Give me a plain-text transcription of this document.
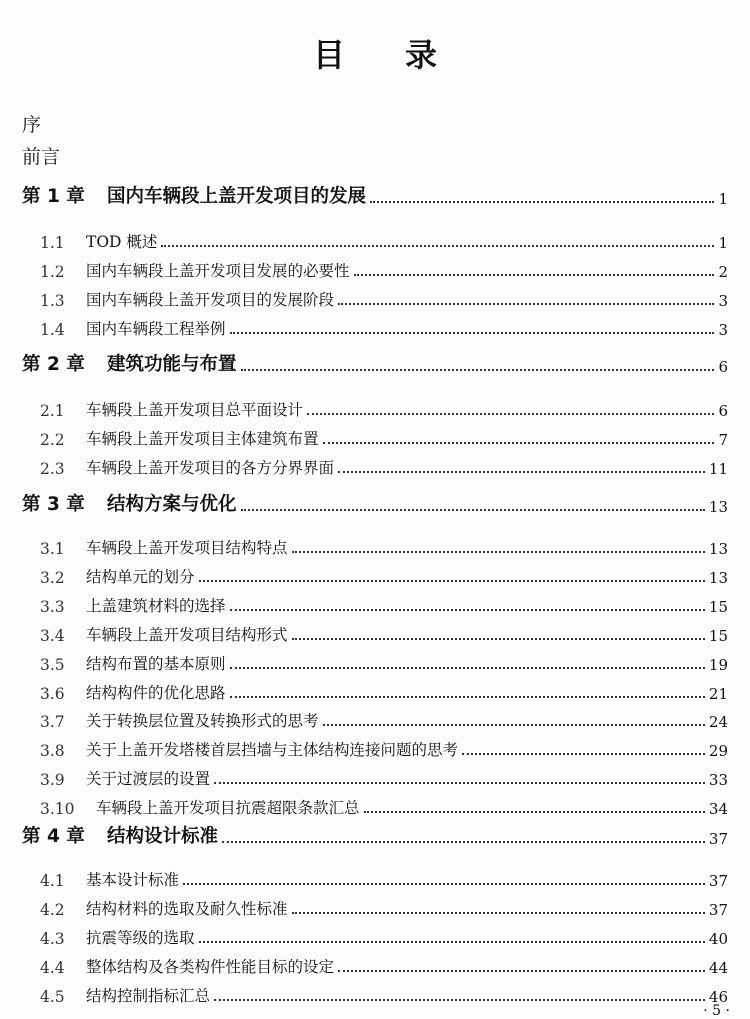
目 录
序
前言
第 1 章	国内车辆段上盖开发项目的发展	1
1.1	TOD 概述	1
1.2	国内车辆段上盖开发项目发展的必要性	2
1.3	国内车辆段上盖开发项目的发展阶段	3
1.4	国内车辆段工程举例	3
第 2 章	建筑功能与布置	6
2.1	车辆段上盖开发项目总平面设计	6
2.2	车辆段上盖开发项目主体建筑布置	7
2.3	车辆段上盖开发项目的各方分界界面	11
第 3 章	结构方案与优化	13
3.1	车辆段上盖开发项目结构特点	13
3.2	结构单元的划分	13
3.3	上盖建筑材料的选择	15
3.4	车辆段上盖开发项目结构形式	15
3.5	结构布置的基本原则	19
3.6	结构构件的优化思路	21
3.7	关于转换层位置及转换形式的思考	24
3.8	关于上盖开发塔楼首层挡墙与主体结构连接问题的思考	29
3.9	关于过渡层的设置	33
3.10	车辆段上盖开发项目抗震超限条款汇总	34
第 4 章	结构设计标准	37
4.1	基本设计标准	37
4.2	结构材料的选取及耐久性标准	37
4.3	抗震等级的选取	40
4.4	整体结构及各类构件性能目标的设定	44
4.5	结构控制指标汇总	46
· 5 ·
